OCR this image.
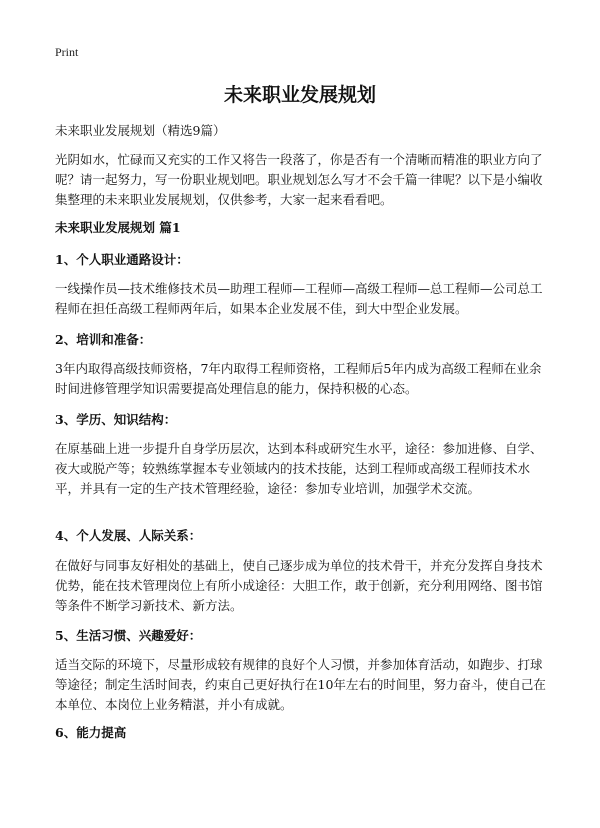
Print
未来职业发展规划
未来职业发展规划（精选9篇）

光阴如水，忙碌而又充实的工作又将告一段落了，你是否有一个清晰而精准的职业方向了呢？请一起努力，写一份职业规划吧。职业规划怎么写才不会千篇一律呢？以下是小编收集整理的未来职业发展规划，仅供参考，大家一起来看看吧。

未来职业发展规划 篇1
1、个人职业通路设计：

一线操作员—技术维修技术员—助理工程师—工程师—高级工程师—总工程师—公司总工程师在担任高级工程师两年后，如果本企业发展不佳，到大中型企业发展。

2、培训和准备：

3年内取得高级技师资格，7年内取得工程师资格，工程师后5年内成为高级工程师在业余时间进修管理学知识需要提高处理信息的能力，保持积极的心态。

3、学历、知识结构：

在原基础上进一步提升自身学历层次，达到本科或研究生水平，途径：参加进修、自学、夜大或脱产等；较熟练掌握本专业领域内的技术技能，达到工程师或高级工程师技术水平，并具有一定的生产技术管理经验，途径：参加专业培训，加强学术交流。

4、个人发展、人际关系：

在做好与同事友好相处的基础上，使自己逐步成为单位的技术骨干，并充分发挥自身技术优势，能在技术管理岗位上有所小成途径：大胆工作，敢于创新，充分利用网络、图书馆等条件不断学习新技术、新方法。

5、生活习惯、兴趣爱好：

适当交际的环境下，尽量形成较有规律的良好个人习惯，并参加体育活动，如跑步、打球等途径；制定生活时间表，约束自己更好执行在10年左右的时间里，努力奋斗，使自己在本单位、本岗位上业务精湛，并小有成就。

6、能力提高
